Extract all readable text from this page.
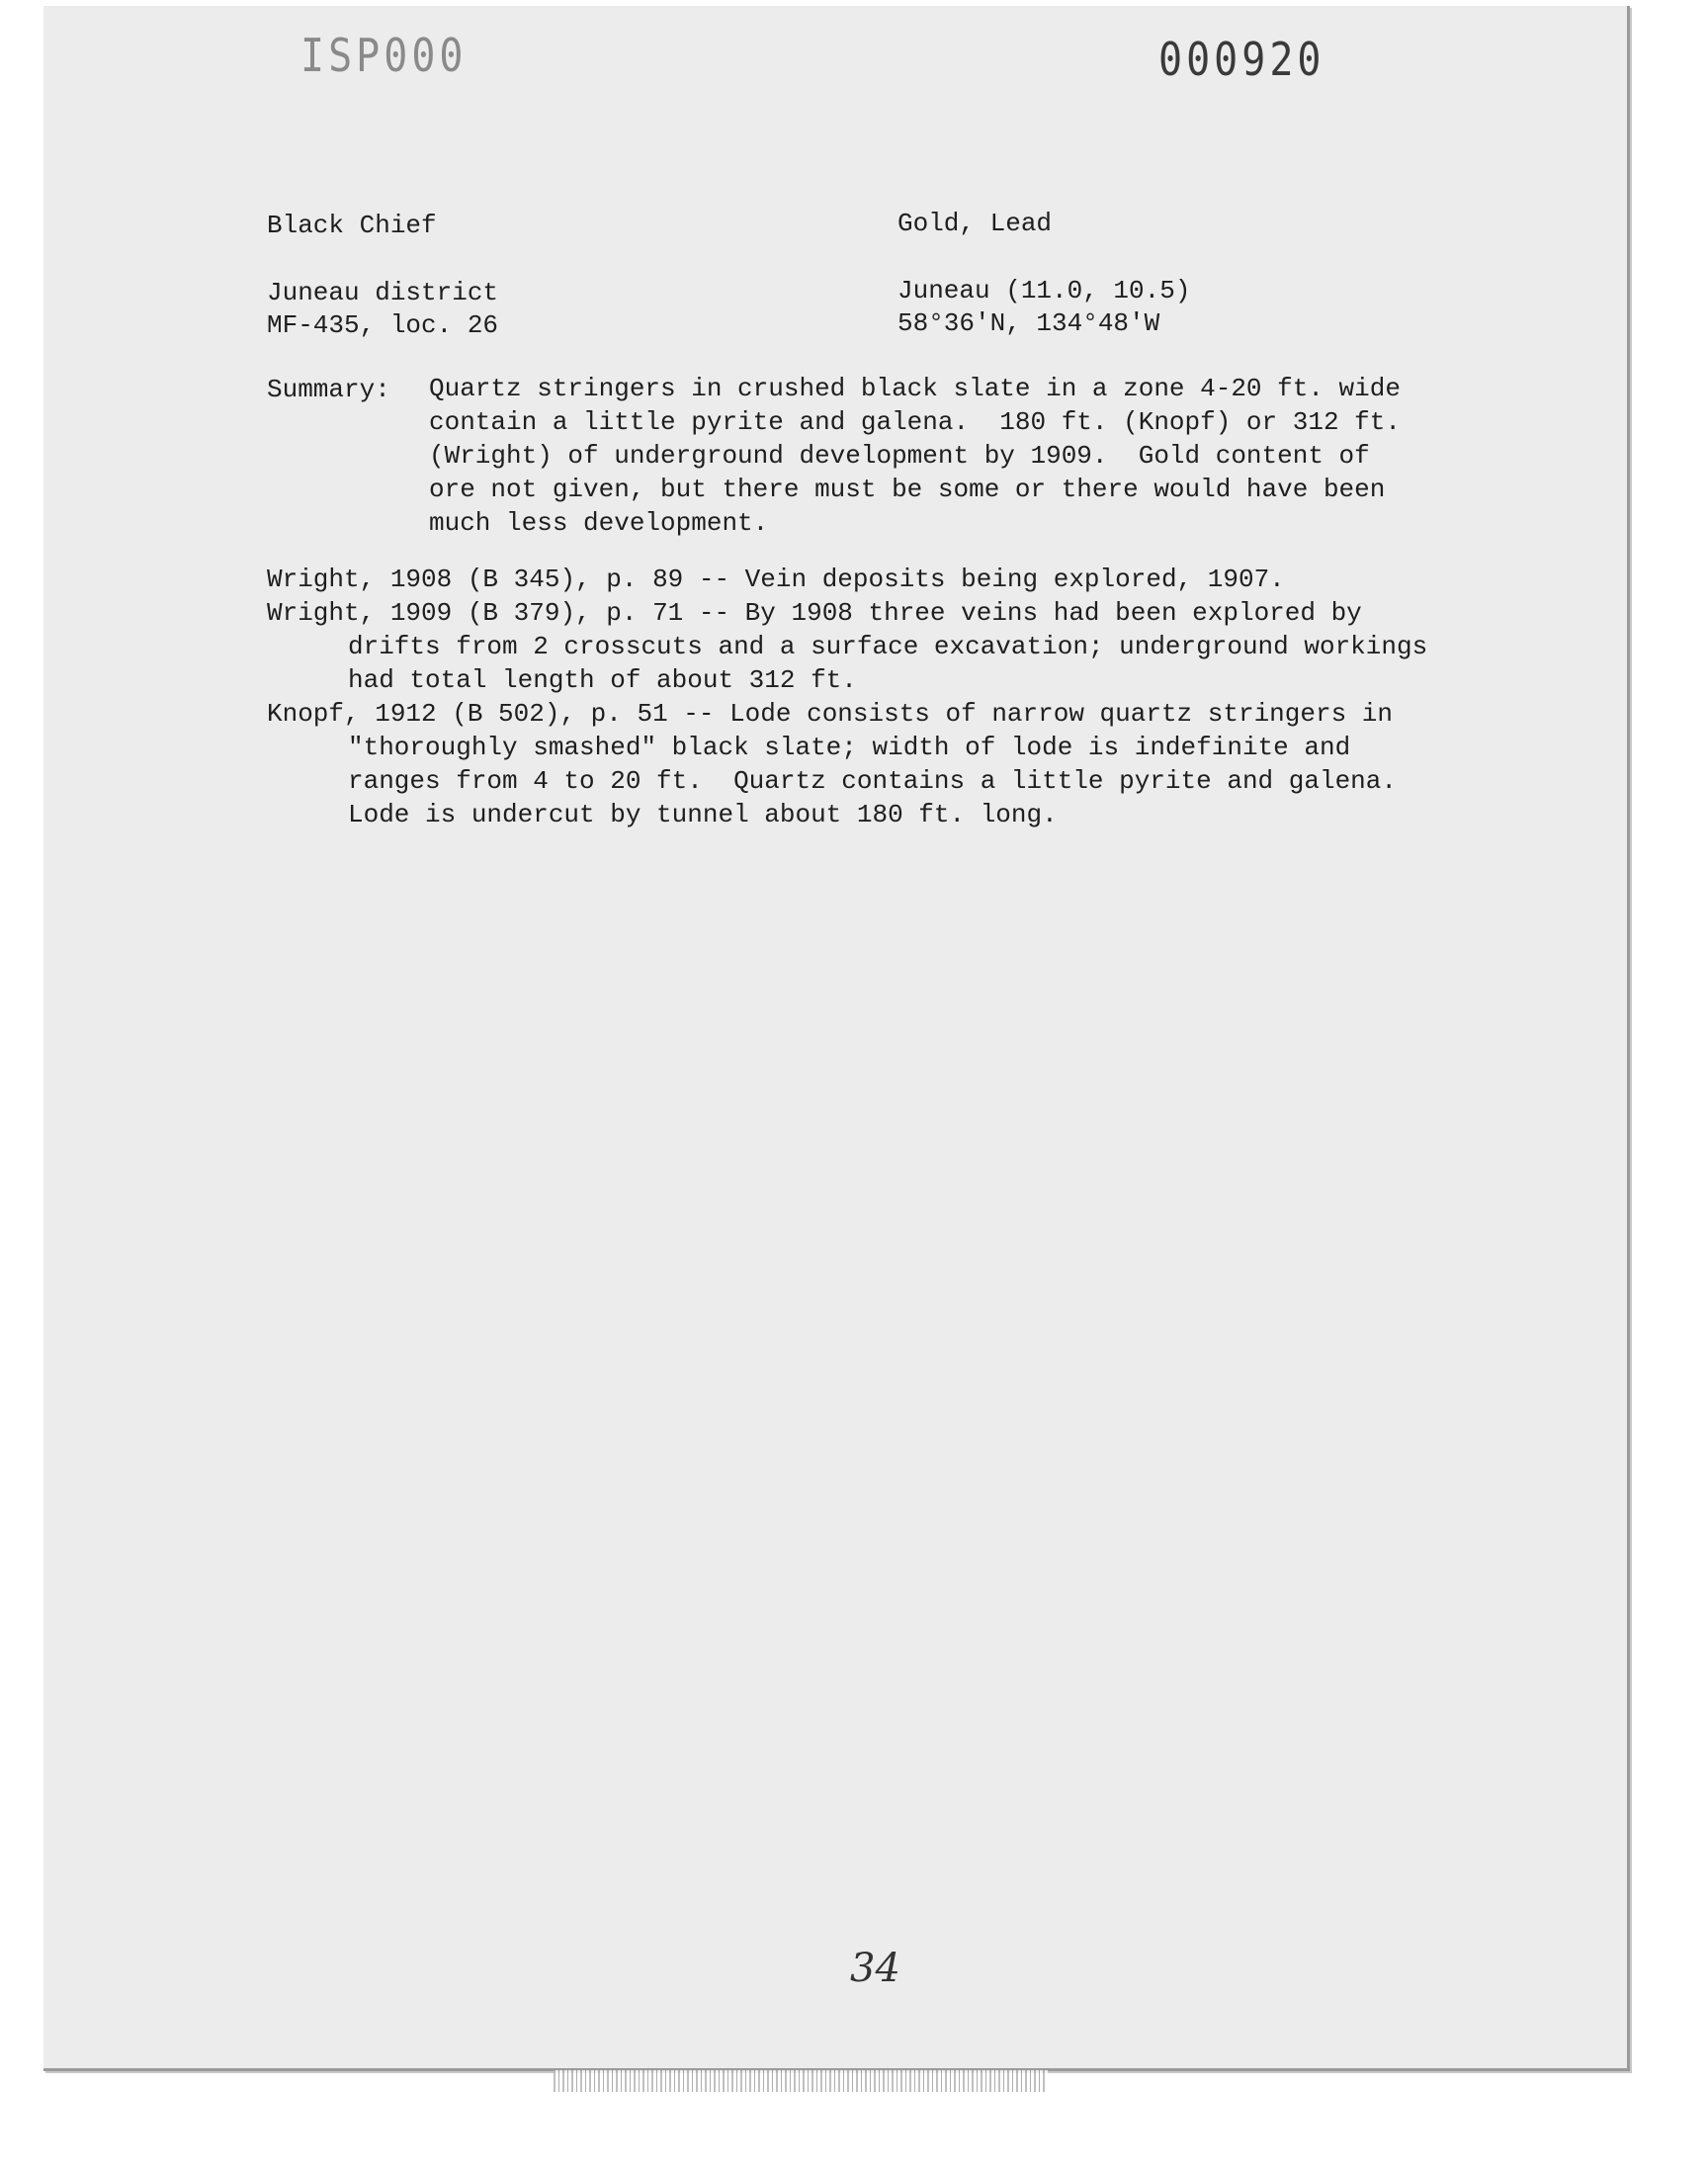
ISP000	000920
Black Chief	Gold, Lead
Juneau district
MF-435, loc. 26
Juneau (11.0, 10.5)
58°36'N, 134°48'W
Summary: Quartz stringers in crushed black slate in a zone 4-20 ft. wide
contain a little pyrite and galena.  180 ft. (Knopf) or 312 ft.
(Wright) of underground development by 1909.  Gold content of
ore not given, but there must be some or there would have been
much less development.
Wright, 1908 (B 345), p. 89 -- Vein deposits being explored, 1907.
Wright, 1909 (B 379), p. 71 -- By 1908 three veins had been explored by
drifts from 2 crosscuts and a surface excavation; underground workings
had total length of about 312 ft.
Knopf, 1912 (B 502), p. 51 -- Lode consists of narrow quartz stringers in
"thoroughly smashed" black slate; width of lode is indefinite and
ranges from 4 to 20 ft.  Quartz contains a little pyrite and galena.
Lode is undercut by tunnel about 180 ft. long.
34
